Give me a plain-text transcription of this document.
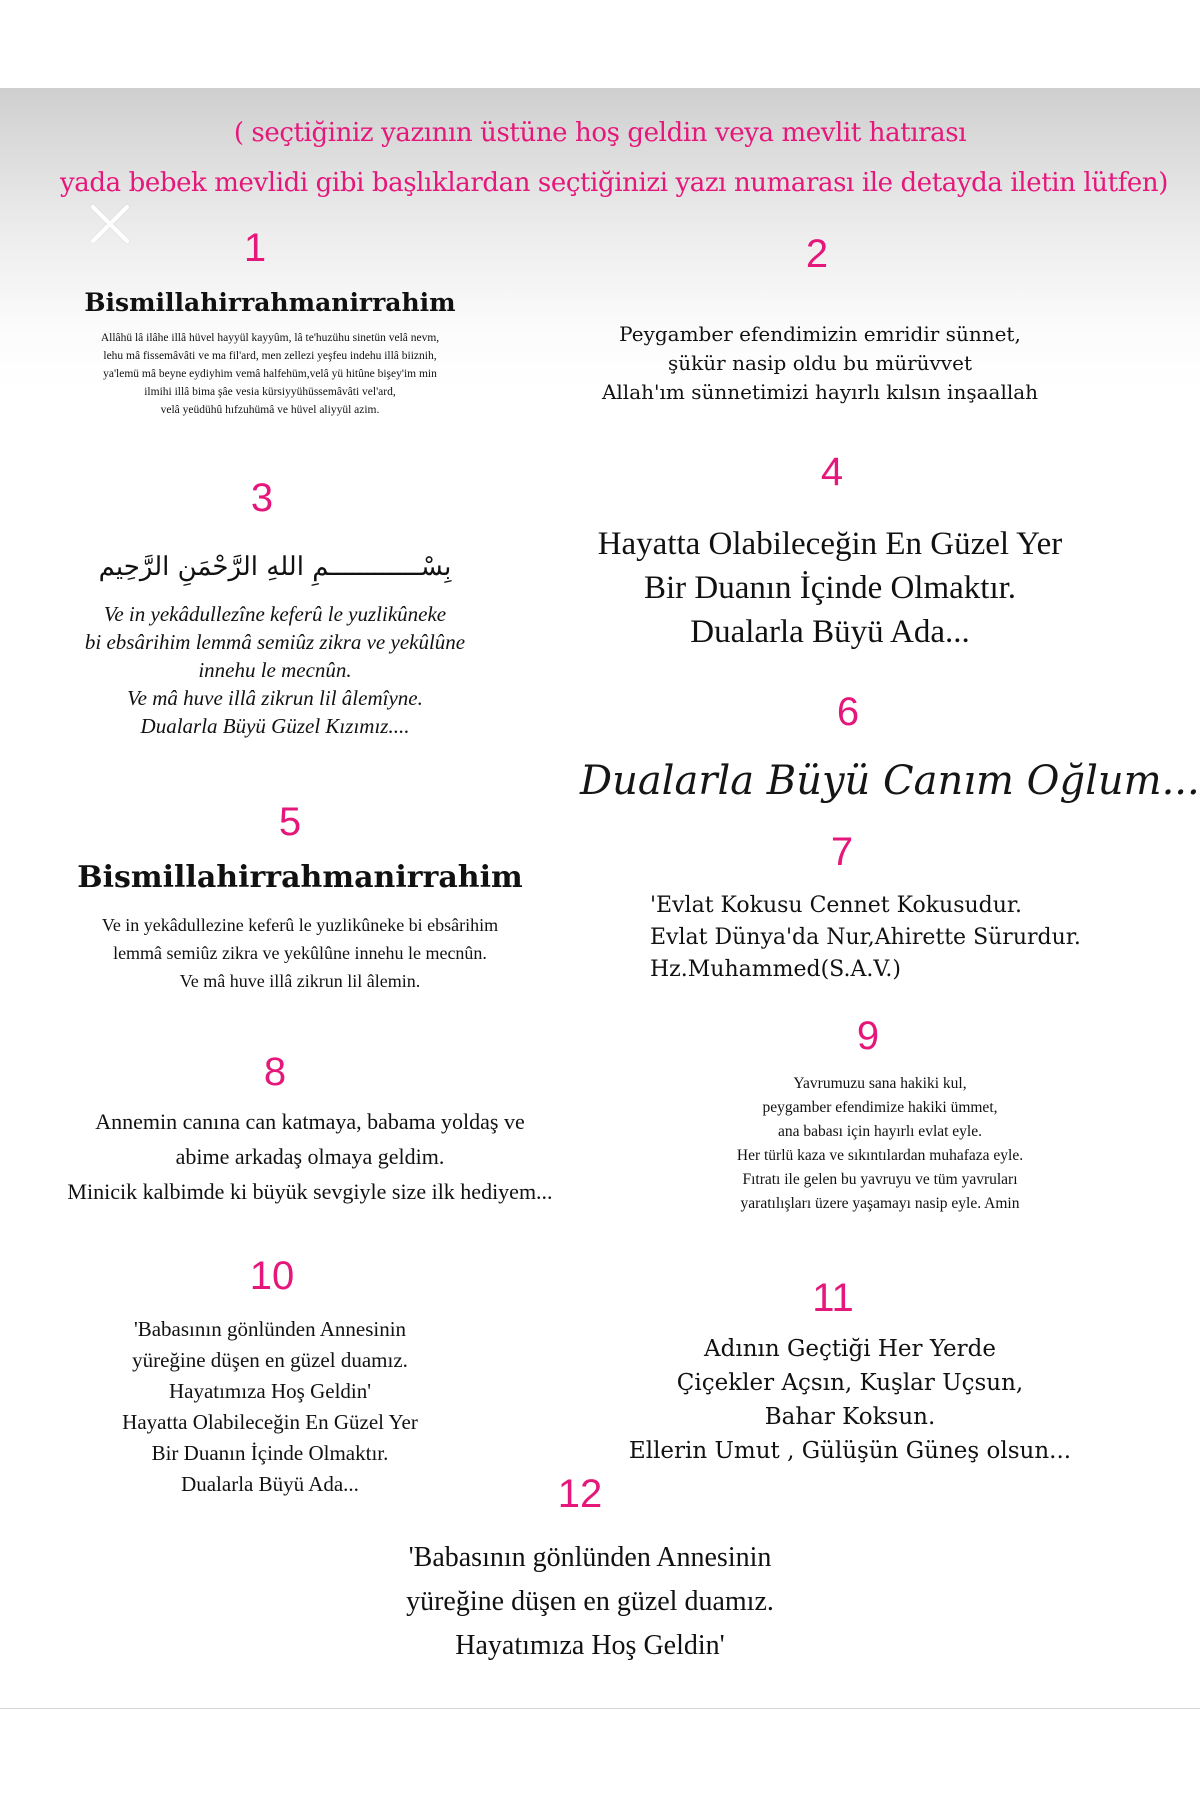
( seçtiğiniz yazının üstüne hoş geldin veya mevlit hatırası
yada bebek mevlidi gibi başlıklardan seçtiğinizi yazı numarası ile detayda iletin lütfen)
1
Bismillahirrahmanirrahim
Allâhü lâ ilâhe illâ hüvel hayyül kayyûm, lâ te'huzühu sinetün velâ nevm,
lehu mâ fissemâvâti ve ma fil'ard, men zellezi yeşfeu indehu illâ biiznih,
ya'lemü mâ beyne eydiyhim vemâ halfehüm,velâ yü hitûne bişey'im min
ilmihi illâ bima şâe vesia kürsiyyühüssemâvâti vel'ard,
velâ yeüdühû hıfzuhümâ ve hüvel aliyyül azim.
2
Peygamber efendimizin emridir sünnet,
şükür nasip oldu bu mürüvvet
Allah'ım sünnetimizi hayırlı kılsın inşaallah
3
بِسْــــــــــــمِ اللهِ الرَّحْمَنِ الرَّحِيم
Ve in yekâdullezîne keferû le yuzlikûneke
bi ebsârihim lemmâ semiûz zikra ve yekûlûne
innehu le mecnûn.
Ve mâ huve illâ zikrun lil âlemîyne.
Dualarla Büyü Güzel Kızımız....
4
Hayatta Olabileceğin En Güzel Yer
Bir Duanın İçinde Olmaktır.
Dualarla Büyü Ada...
5
Bismillahirrahmanirrahim
Ve in yekâdullezine keferû le yuzlikûneke bi ebsârihim
lemmâ semiûz zikra ve yekûlûne innehu le mecnûn.
Ve mâ huve illâ zikrun lil âlemin.
6
Dualarla Büyü Canım Oğlum...
7
'Evlat Kokusu Cennet Kokusudur.
Evlat Dünya'da Nur,Ahirette Sürurdur.
Hz.Muhammed(S.A.V.)
8
Annemin canına can katmaya, babama yoldaş ve
abime arkadaş olmaya geldim.
Minicik kalbimde ki büyük sevgiyle size ilk hediyem...
9
Yavrumuzu sana hakiki kul,
peygamber efendimize hakiki ümmet,
ana babası için hayırlı evlat eyle.
Her türlü kaza ve sıkıntılardan muhafaza eyle.
Fıtratı ile gelen bu yavruyu ve tüm yavruları
yaratılışları üzere yaşamayı nasip eyle. Amin
10
'Babasının gönlünden Annesinin
yüreğine düşen en güzel duamız.
Hayatımıza Hoş Geldin'
Hayatta Olabileceğin En Güzel Yer
Bir Duanın İçinde Olmaktır.
Dualarla Büyü Ada...
11
Adının Geçtiği Her Yerde
Çiçekler Açsın, Kuşlar Uçsun,
Bahar Koksun.
Ellerin Umut , Gülüşün Güneş olsun...
12
'Babasının gönlünden Annesinin
yüreğine düşen en güzel duamız.
Hayatımıza Hoş Geldin'
